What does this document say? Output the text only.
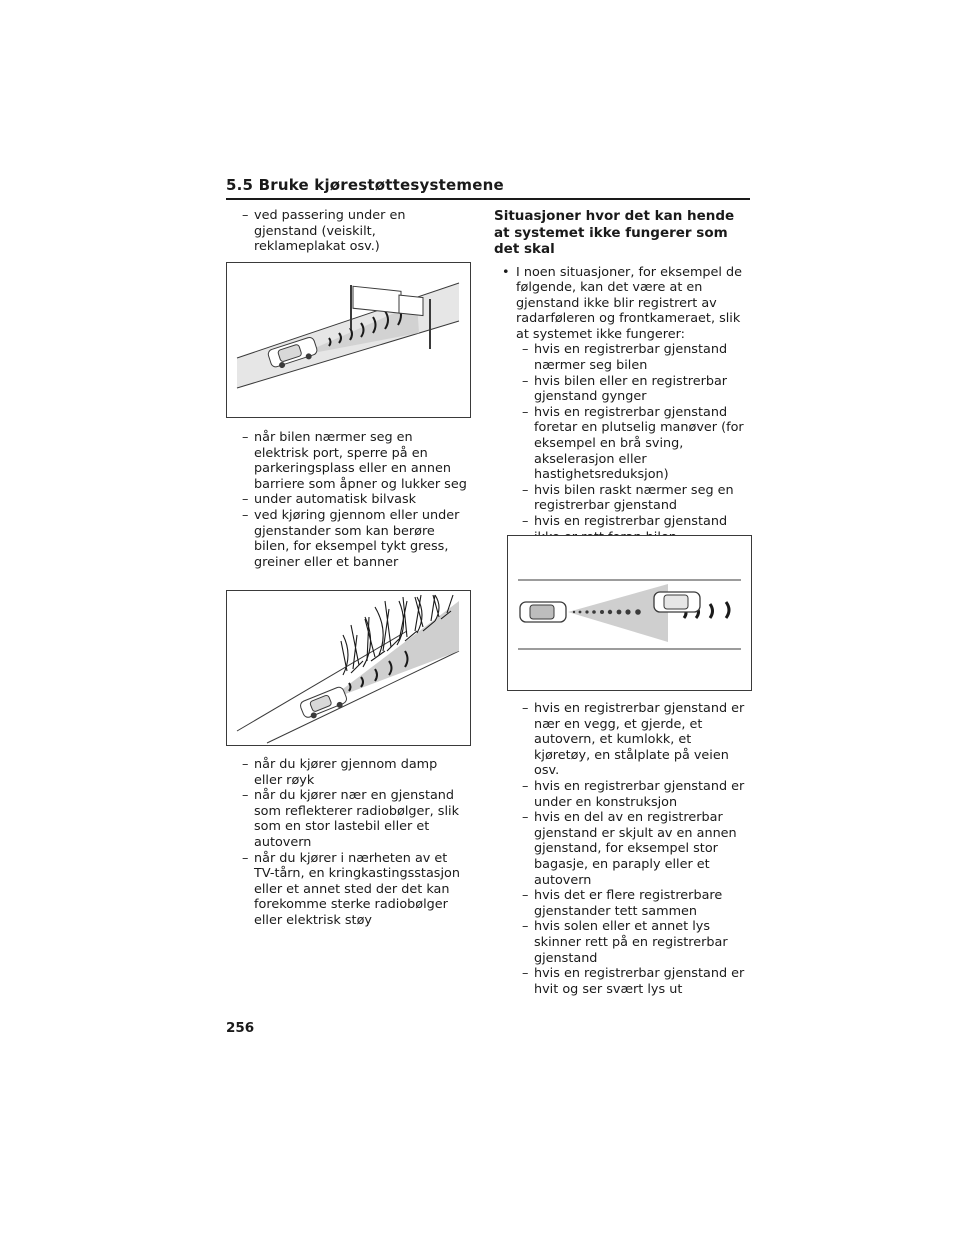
5.5 Bruke kjørestøttesystemene
– ved passering under en gjenstand (veiskilt, reklameplakat osv.)
– når bilen nærmer seg en elektrisk port, sperre på en parkeringsplass eller en annen barriere som åpner og lukker seg
– under automatisk bilvask
– ved kjøring gjennom eller under gjenstander som kan berøre bilen, for eksempel tykt gress, greiner eller et banner
– når du kjører gjennom damp eller røyk
– når du kjører nær en gjenstand som reflekterer radiobølger, slik som en stor lastebil eller et autovern
– når du kjører i nærheten av et TV-tårn, en kringkastingsstasjon eller et annet sted der det kan forekomme sterke radiobølger eller elektrisk støy
Situasjoner hvor det kan hende at systemet ikke fungerer som det skal
• I noen situasjoner, for eksempel de følgende, kan det være at en gjenstand ikke blir registrert av radarføleren og frontkameraet, slik at systemet ikke fungerer:
– hvis en registrerbar gjenstand nærmer seg bilen
– hvis bilen eller en registrerbar gjenstand gynger
– hvis en registrerbar gjenstand foretar en plutselig manøver (for eksempel en brå sving, akselerasjon eller hastighetsreduksjon)
– hvis bilen raskt nærmer seg en registrerbar gjenstand
– hvis en registrerbar gjenstand
– hvis en registrerbar gjenstand er nær en vegg, et gjerde, et autovern, et kumlokk, et kjøretøy, en stålplate på veien osv.
– hvis en registrerbar gjenstand er under en konstruksjon
– hvis en del av en registrerbar gjenstand er skjult av en annen gjenstand, for eksempel stor bagasje, en paraply eller et autovern
– hvis det er flere registrerbare gjenstander tett sammen
– hvis solen eller et annet lys skinner rett på en registrerbar gjenstand
– hvis en registrerbar gjenstand er hvit og ser svært lys ut
256
